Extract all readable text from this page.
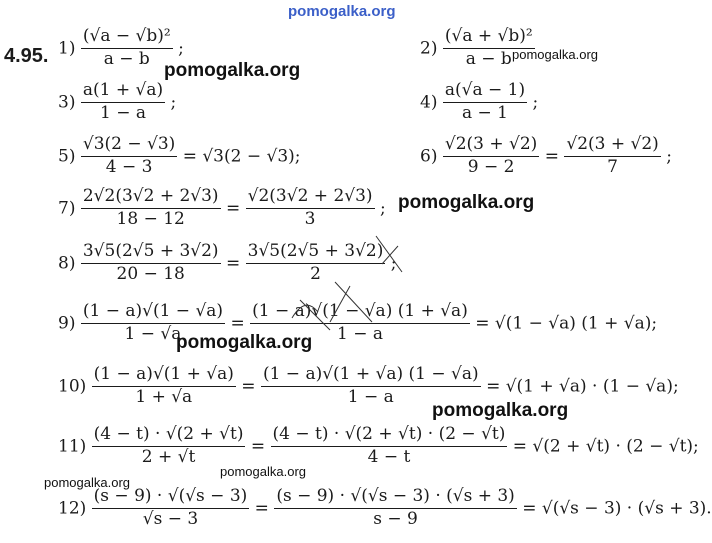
pomogalka.org
4.95. $1) \frac{\text{(√a − √b)²}}{a - b}$ ;	$2) \frac{\text{(√a + √b)²}}{a - b}$
$3) \frac{a(1 + √a)}{1 - a}$ ;	$4) \frac{a(√a - 1)}{a - 1}$ ;
$5) \frac{√3(2 - √3)}{4 - 3} = √3(2 - √3)$;	$6) \frac{√2(3 + √2)}{9 - 2} = \frac{√2(3 + √2)}{7}$ ;
$7) \frac{2√2(3√2 + 2√3)}{18 - 12} = \frac{√2(3√2 + 2√3)}{3}$ ;
$8) \frac{3√5(2√5 + 3√2)}{20 - 18} = \frac{3√5(2√5 + 3√2)}{2}$ ;
$9) \frac{(1 - a)√(1 - √a)}{1 - √a} = \frac{(1 - a)√(1 - √a) (1 + √a)}{1 - a} = √(1 - √a) (1 + √a)$;
$10) \frac{(1 - a)√(1 + √a)}{1 + √a} = \frac{(1 - a)√(1 + √a) (1 - √a)}{1 - a} = √(1 + √a) \cdot (1 - √a)$;
$11) \frac{(4 - t) \cdot √(2 + √t)}{2 + √t} = \frac{(4 - t) \cdot √(2 + √t) \cdot (2 - √t)}{4 - t} = √(2 + √t) \cdot (2 - √t)$;
$12) \frac{(s - 9) \cdot √(√s - 3)}{√s - 3} = \frac{(s - 9) \cdot √(√s - 3) \cdot (√s + 3)}{s - 9} = √(√s - 3) \cdot (√s + 3)$.
pomogalka.org
pomogalka.org
pomogalka.org
pomogalka.org
pomogalka.org
pomogalka.org
pomogalka.org
